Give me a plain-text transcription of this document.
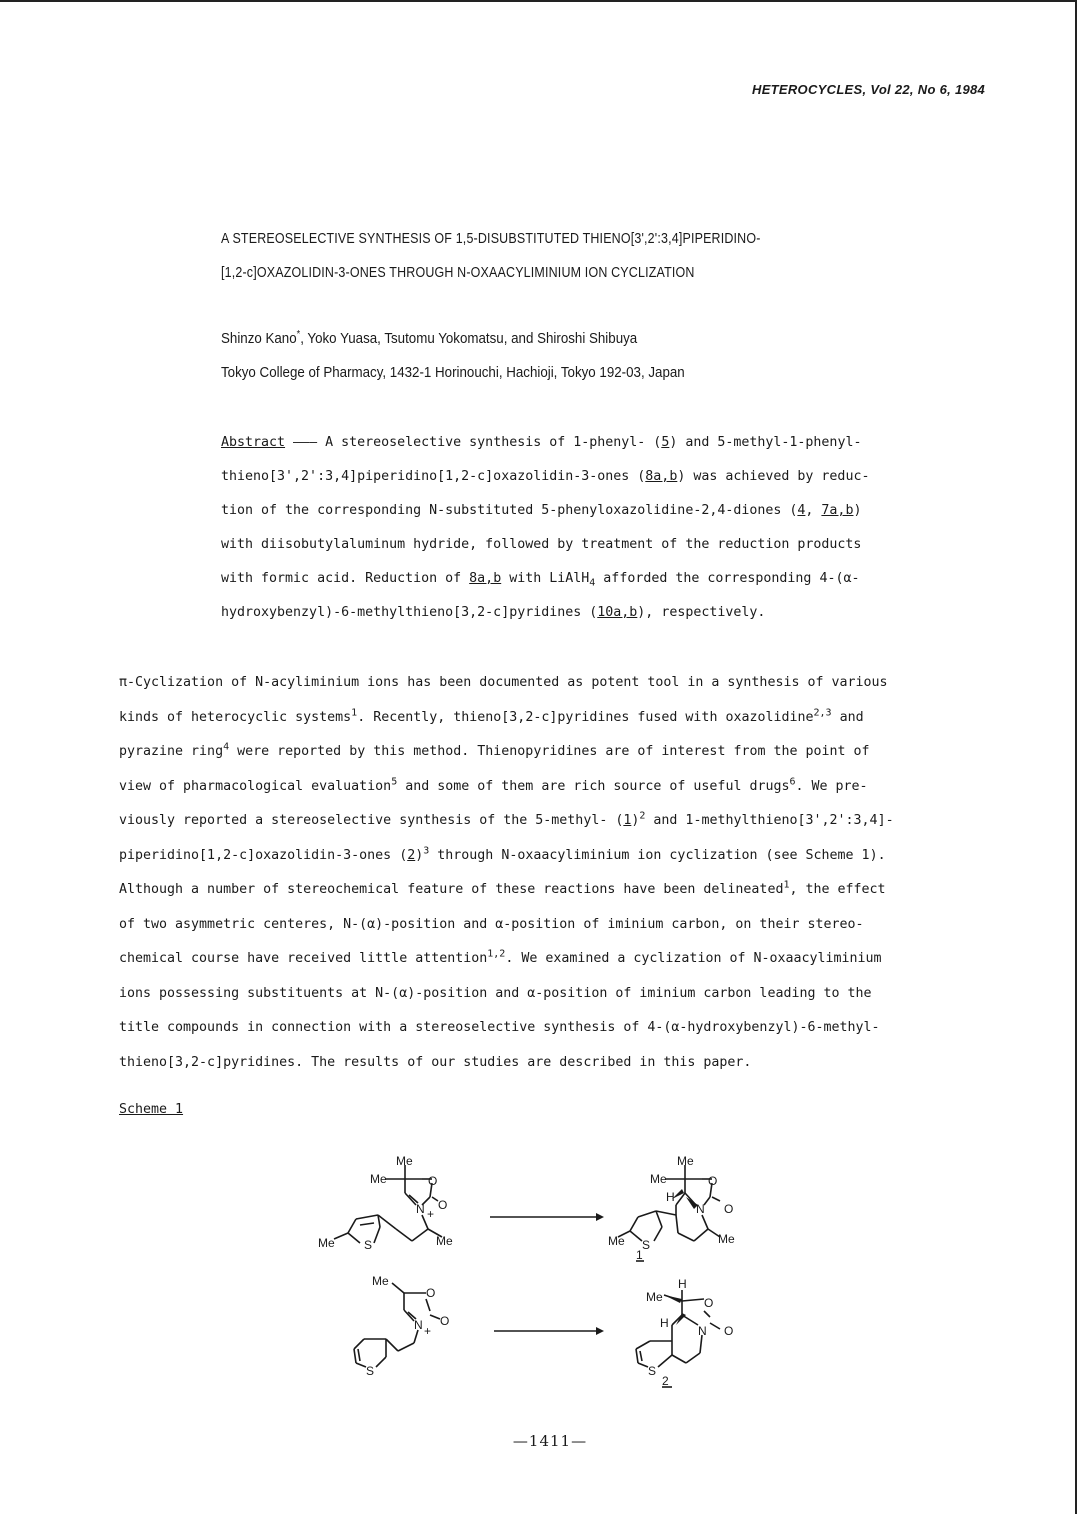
HETEROCYCLES, Vol 22, No 6, 1984
A STEREOSELECTIVE SYNTHESIS OF 1,5-DISUBSTITUTED THIENO[3',2':3,4]PIPERIDINO-
[1,2-c]OXAZOLIDIN-3-ONES THROUGH N-OXAACYLIMINIUM ION CYCLIZATION
Shinzo Kano*, Yoko Yuasa, Tsutomu Yokomatsu, and Shiroshi Shibuya
Tokyo College of Pharmacy, 1432-1 Horinouchi, Hachioji, Tokyo 192-03, Japan
Abstract ——— A stereoselective synthesis of 1-phenyl- (5) and 5-methyl-1-phenyl-
thieno[3',2':3,4]piperidino[1,2-c]oxazolidin-3-ones (8a,b) was achieved by reduc-
tion of the corresponding N-substituted 5-phenyloxazolidine-2,4-diones (4, 7a,b)
with diisobutylaluminum hydride, followed by treatment of the reduction products
with formic acid. Reduction of 8a,b with LiAlH$_4$ afforded the corresponding 4-(α-
hydroxybenzyl)-6-methylthieno[3,2-c]pyridines (10a,b), respectively.
π-Cyclization of N-acyliminium ions has been documented as potent tool in a synthesis of various
kinds of heterocyclic systems$^1$. Recently, thieno[3,2-c]pyridines fused with oxazolidine$^{2,3}$ and
pyrazine ring$^4$ were reported by this method. Thienopyridines are of interest from the point of
view of pharmacological evaluation$^5$ and some of them are rich source of useful drugs$^6$. We pre-
viously reported a stereoselective synthesis of the 5-methyl- $(1)^2$ and 1-methylthieno[3',2':3,4]-
piperidino[1,2-c]oxazolidin-3-ones $(2)^3$ through N-oxaacyliminium ion cyclization (see Scheme 1).
Although a number of stereochemical feature of these reactions have been delineated$^1$, the effect
of two asymmetric centeres, N-(α)-position and α-position of iminium carbon, on their stereo-
chemical course have received little attention$^{1,2}$. We examined a cyclization of N-oxaacyliminium
ions possessing substituents at N-(α)-position and α-position of iminium carbon leading to the
title compounds in connection with a stereoselective synthesis of 4-(α-hydroxybenzyl)-6-methyl-
thieno[3,2-c]pyridines. The results of our studies are described in this paper.
Scheme 1
Me
Me	O
N +
O
S
Me	Me
Me
Me	O
H
N O
S
Me	Me
1
Me
O
N +
O
S
H
Me	O
H
N O
S
2
—1411—
